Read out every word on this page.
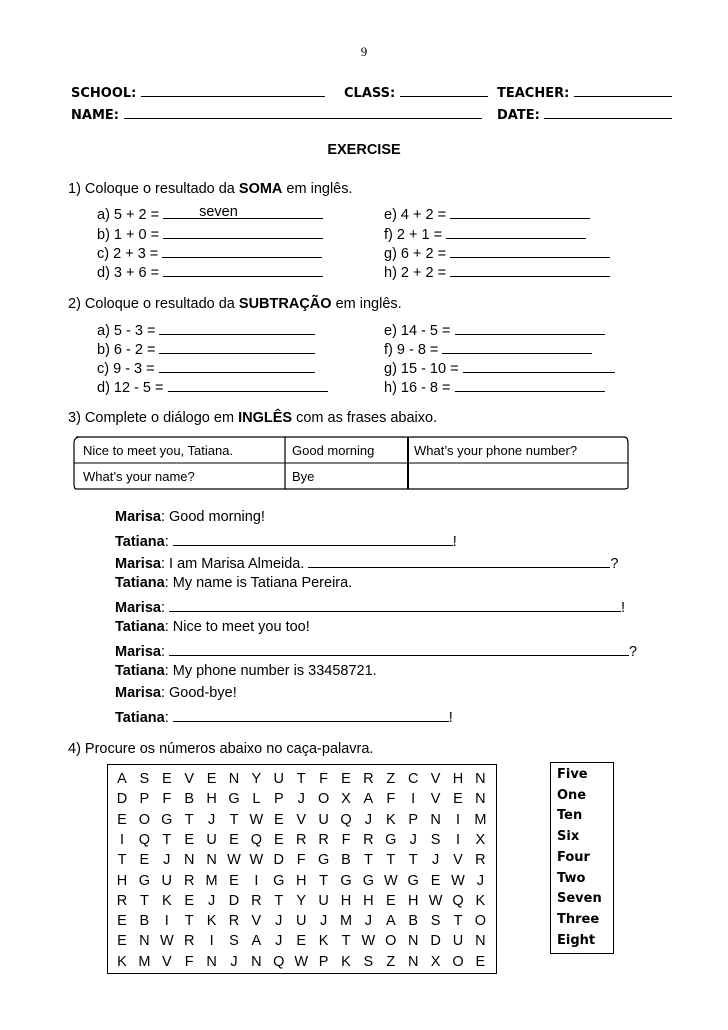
9
SCHOOL:	CLASS:	TEACHER:
NAME:	DATE:
EXERCISE
1) Coloque o resultado da SOMA em inglês.
a) 5 + 2 = seven
b) 1 + 0 =
c) 2 + 3 =
d) 3 + 6 =
e) 4 + 2 =
f) 2 + 1 =
g) 6 + 2 =
h) 2 + 2 =
2) Coloque o resultado da SUBTRAÇÃO em inglês.
a) 5 - 3 =
b) 6 - 2 =
c) 9 - 3 =
d) 12 - 5 =
e) 14 - 5 =
f) 9 - 8 =
g) 15 - 10 =
h) 16 - 8 =
3) Complete o diálogo em INGLÊS com as frases abaixo.
Nice to meet you, Tatiana.	Good morning	What’s your phone number?
What’s your name?	Bye
Marisa: Good morning!
Tatiana:	!
Marisa: I am Marisa Almeida.	?
Tatiana: My name is Tatiana Pereira.
Marisa:	!
Tatiana: Nice to meet you too!
Marisa:	?
Tatiana: My phone number is 33458721.
Marisa: Good-bye!
Tatiana:	!
4) Procure os números abaixo no caça-palavra.
A S E V E N Y U T F E R Z C V H N
D P F B H G L P J O X A F	I	V E N
E O G T J T W E V U Q J K P N	I M
I	Q T E U E Q E R R F R G J S	I	X
T E J N N W W D F G B T T T J V R
H G U R M E	I	G H T G G W G E W J
R T K E J D R T Y U H H E H W Q K
E B	I	T K R V J U J M J A B S T O
E N W R	I	S A J E K T W O N D U N
K M V F N J N Q W P K S Z N X O E
Five
One
Ten
Six
Four
Two
Seven
Three
Eight
